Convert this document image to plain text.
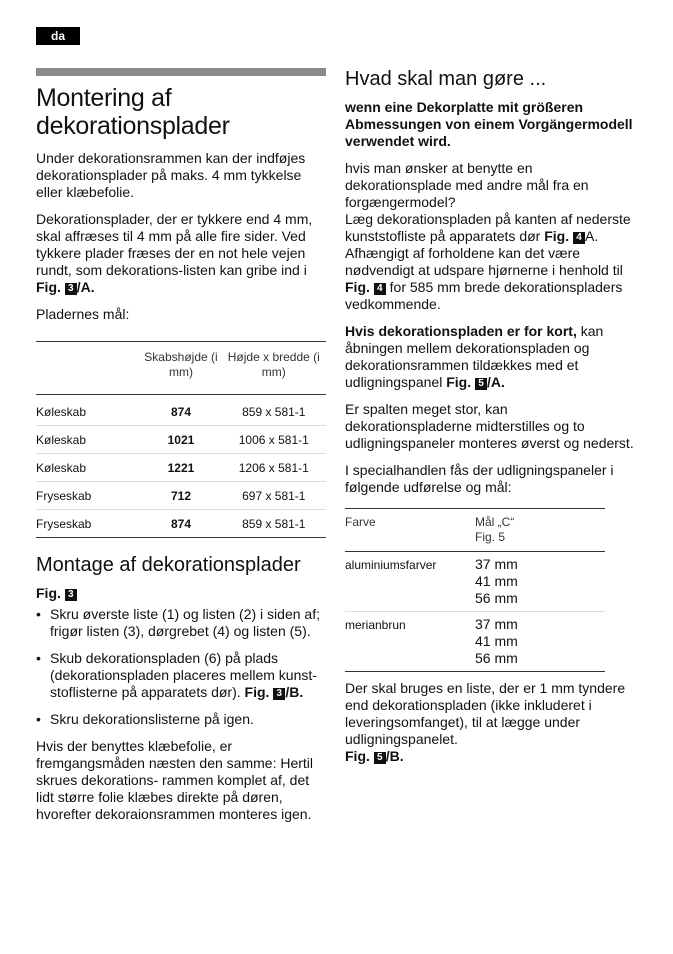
da
Montering af dekorationsplader

Under dekorationsrammen kan der indføjes dekorationsplader på maks. 4 mm tykkelse eller klæbefolie.

Dekorationsplader, der er tykkere end 4 mm, skal affræses til 4 mm på alle fire sider. Ved tykkere plader fræses der en not hele vejen rundt, som dekorations-listen kan gribe ind i Fig. 3 /A.

Pladernes mål:

	Skabshøjde (i mm)	Højde x bredde (i mm)
Køleskab	874	859 x 581-1
Køleskab	1021	1006 x 581-1
Køleskab	1221	1206 x 581-1
Fryseskab	712	697 x 581-1
Fryseskab	874	859 x 581-1
Montage af dekorationsplader

Fig. 3

• Skru øverste liste (1) og listen (2) i siden af; frigør listen (3), dørgrebet (4) og listen (5).
• Skub dekorationspladen (6) på plads (dekorationspladen placeres mellem kunst- stoflisterne på apparatets dør). Fig. 3 /B.
• Skru dekorationslisterne på igen.

Hvis der benyttes klæbefolie, er fremgangsmåden næsten den samme: Hertil skrues dekorations- rammen komplet af, det lidt større folie klæbes direkte på døren, hvorefter dekoraionsrammen monteres igen.

Hvad skal man gøre ...

wenn eine Dekorplatte mit größeren Abmessungen von einem Vorgängermodell verwendet wird.

hvis man ønsker at benytte en dekorationsplade med andre mål fra en forgængermodel?
Læg dekorationspladen på kanten af nederste kunststofliste på apparatets dør Fig. 4 A.
Afhængigt af forholdene kan det være nødvendigt at udspare hjørnerne i henhold til Fig. 4 for 585 mm brede dekorationspladers vedkommende.

Hvis dekorationspladen er for kort, kan åbningen mellem dekorationspladen og dekorationsrammen tildækkes med et udligningspanel Fig. 5 /A.

Er spalten meget stor, kan dekorationspladerne midterstilles og to udligningspaneler monteres øverst og nederst.

I specialhandlen fås der udligningspaneler i følgende udførelse og mål:

Farve	Mål „C“
Fig. 5
aluminiumsfarver	37 mm
41 mm
56 mm
merianbrun	37 mm
41 mm
56 mm

Der skal bruges en liste, der er 1 mm tyndere end dekorationspladen (ikke inkluderet i leveringsomfanget), til at lægge under udligningspanelet.
Fig. 5 /B.
